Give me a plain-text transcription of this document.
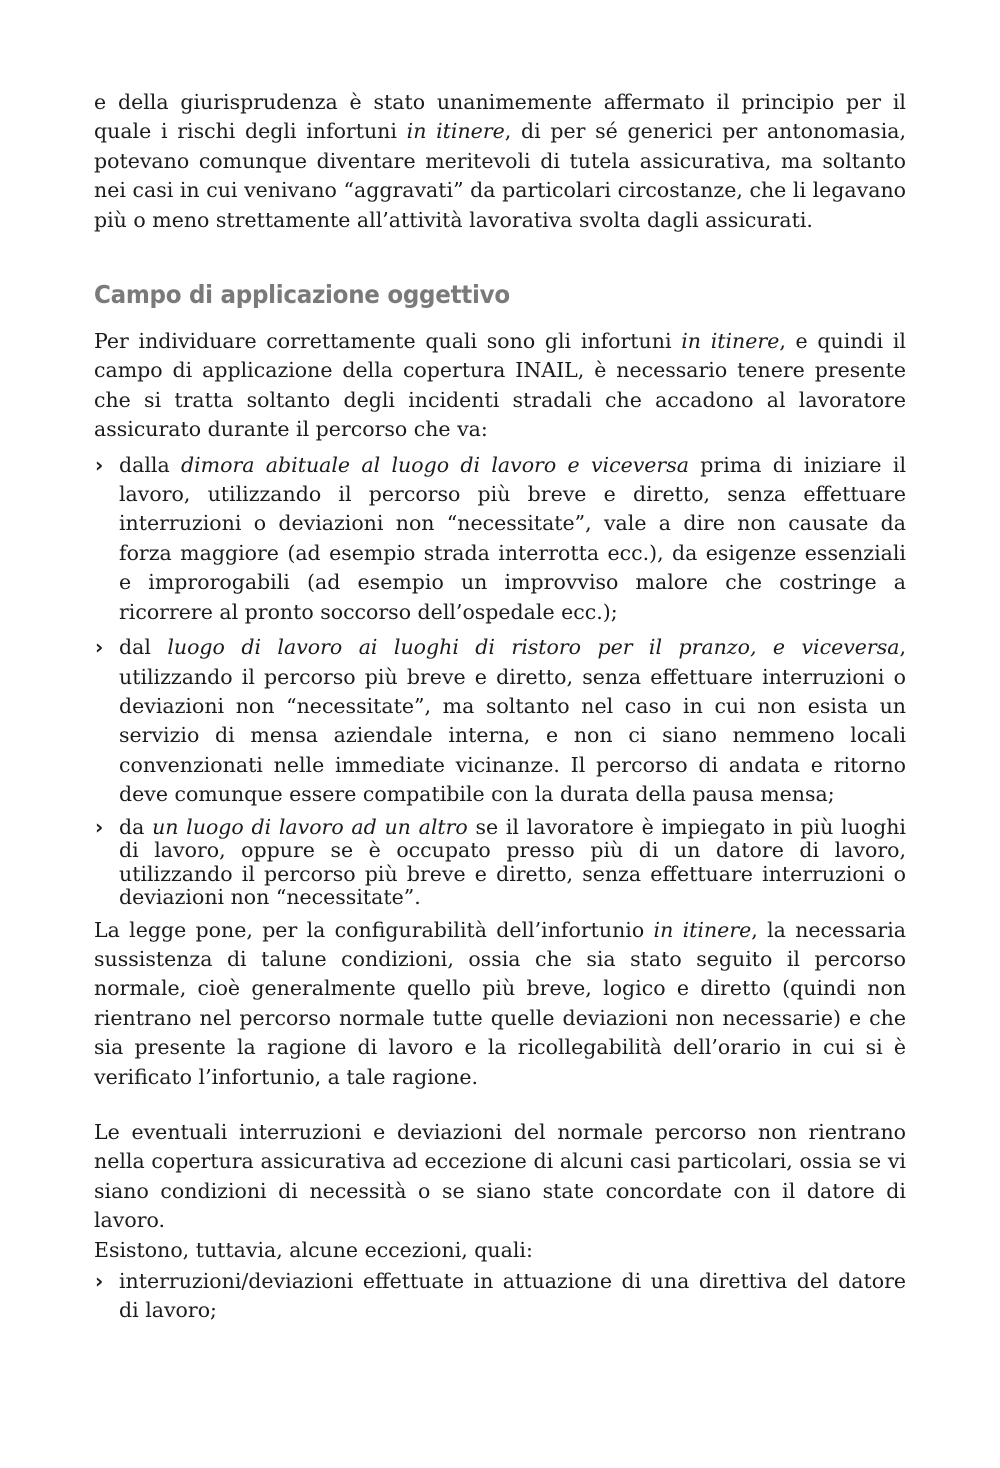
e della giurisprudenza è stato unanimemente affermato il principio per il quale i rischi degli infortuni in itinere, di per sé generici per antonomasia, potevano comunque diventare meritevoli di tutela assicurativa, ma soltanto nei casi in cui venivano “aggravati” da particolari circostanze, che li legavano più o meno strettamente all’attività lavorativa svolta dagli assicurati.

Campo di applicazione oggettivo

Per individuare correttamente quali sono gli infortuni in itinere, e quindi il campo di applicazione della copertura INAIL, è necessario tenere presente che si tratta soltanto degli incidenti stradali che accadono al lavoratore assicurato durante il percorso che va:

› dalla dimora abituale al luogo di lavoro e viceversa prima di iniziare il lavoro, utilizzando il percorso più breve e diretto, senza effettuare interruzioni o deviazioni non “necessitate”, vale a dire non causate da forza maggiore (ad esempio strada interrotta ecc.), da esigenze essenziali e improrogabili (ad esempio un improvviso malore che costringe a ricorrere al pronto soccorso dell’ospedale ecc.);
› dal luogo di lavoro ai luoghi di ristoro per il pranzo, e viceversa, utilizzando il percorso più breve e diretto, senza effettuare interruzioni o deviazioni non “necessitate”, ma soltanto nel caso in cui non esista un servizio di mensa aziendale interna, e non ci siano nemmeno locali convenzionati nelle immediate vicinanze. Il percorso di andata e ritorno deve comunque essere compatibile con la durata della pausa mensa;
› da un luogo di lavoro ad un altro se il lavoratore è impiegato in più luoghi di lavoro, oppure se è occupato presso più di un datore di lavoro, utilizzando il percorso più breve e diretto, senza effettuare interruzioni o deviazioni non “necessitate”.

La legge pone, per la configurabilità dell’infortunio in itinere, la necessaria sussistenza di talune condizioni, ossia che sia stato seguito il percorso normale, cioè generalmente quello più breve, logico e diretto (quindi non rientrano nel percorso normale tutte quelle deviazioni non necessarie) e che sia presente la ragione di lavoro e la ricollegabilità dell’orario in cui si è verificato l’infortunio, a tale ragione.

Le eventuali interruzioni e deviazioni del normale percorso non rientrano nella copertura assicurativa ad eccezione di alcuni casi particolari, ossia se vi siano condizioni di necessità o se siano state concordate con il datore di lavoro.

Esistono, tuttavia, alcune eccezioni, quali:

› interruzioni/deviazioni effettuate in attuazione di una direttiva del datore di lavoro;
